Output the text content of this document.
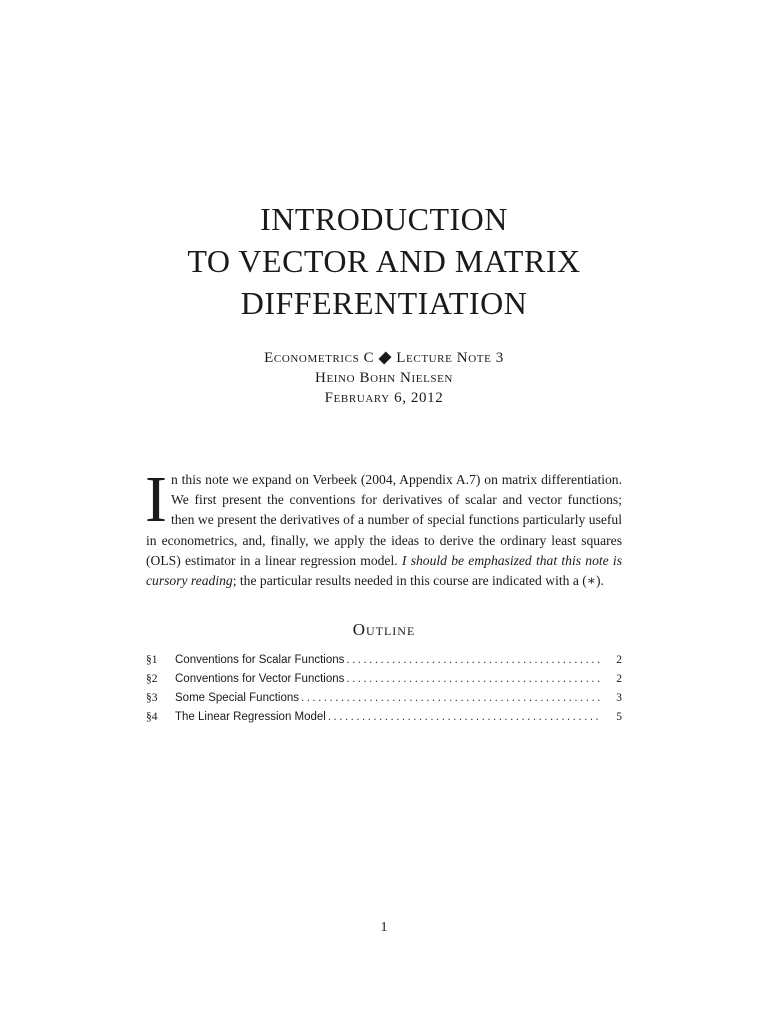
INTRODUCTION
TO VECTOR AND MATRIX
DIFFERENTIATION
Econometrics C Lecture Note 3
Heino Bohn Nielsen
February 6, 2012
In this note we expand on Verbeek (2004, Appendix A.7) on matrix differentiation. We first present the conventions for derivatives of scalar and vector functions; then we present the derivatives of a number of special functions particularly useful in econometrics, and, finally, we apply the ideas to derive the ordinary least squares (OLS) estimator in a linear regression model. I should be emphasized that this note is cursory reading; the particular results needed in this course are indicated with a (∗).
Outline
§1	Conventions for Scalar Functions .....	2
§2	Conventions for Vector Functions .....	2
§3	Some Special Functions .....	3
§4	The Linear Regression Model .....	5
1
